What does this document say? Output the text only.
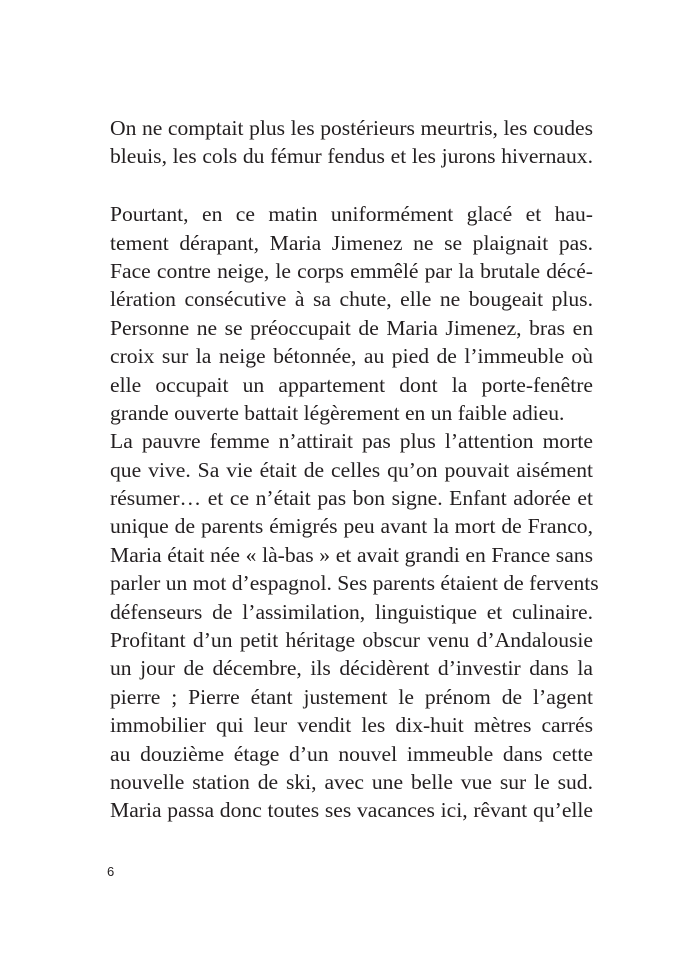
On ne comptait plus les postérieurs meurtris, les coudes
bleuis, les cols du fémur fendus et les jurons hivernaux.
Pourtant, en ce matin uniformément glacé et hau-
tement dérapant, Maria Jimenez ne se plaignait pas.
Face contre neige, le corps emmêlé par la brutale décé-
lération consécutive à sa chute, elle ne bougeait plus.
Personne ne se préoccupait de Maria Jimenez, bras en
croix sur la neige bétonnée, au pied de l’immeuble où
elle occupait un appartement dont la porte-fenêtre
grande ouverte battait légèrement en un faible adieu.
La pauvre femme n’attirait pas plus l’attention morte
que vive. Sa vie était de celles qu’on pouvait aisément
résumer… et ce n’était pas bon signe. Enfant adorée et
unique de parents émigrés peu avant la mort de Franco,
Maria était née « là-bas » et avait grandi en France sans
parler un mot d’espagnol. Ses parents étaient de fervents
défenseurs de l’assimilation, linguistique et culinaire.
Profitant d’un petit héritage obscur venu d’Andalousie
un jour de décembre, ils décidèrent d’investir dans la
pierre ; Pierre étant justement le prénom de l’agent
immobilier qui leur vendit les dix-huit mètres carrés
au douzième étage d’un nouvel immeuble dans cette
nouvelle station de ski, avec une belle vue sur le sud.
Maria passa donc toutes ses vacances ici, rêvant qu’elle
6
